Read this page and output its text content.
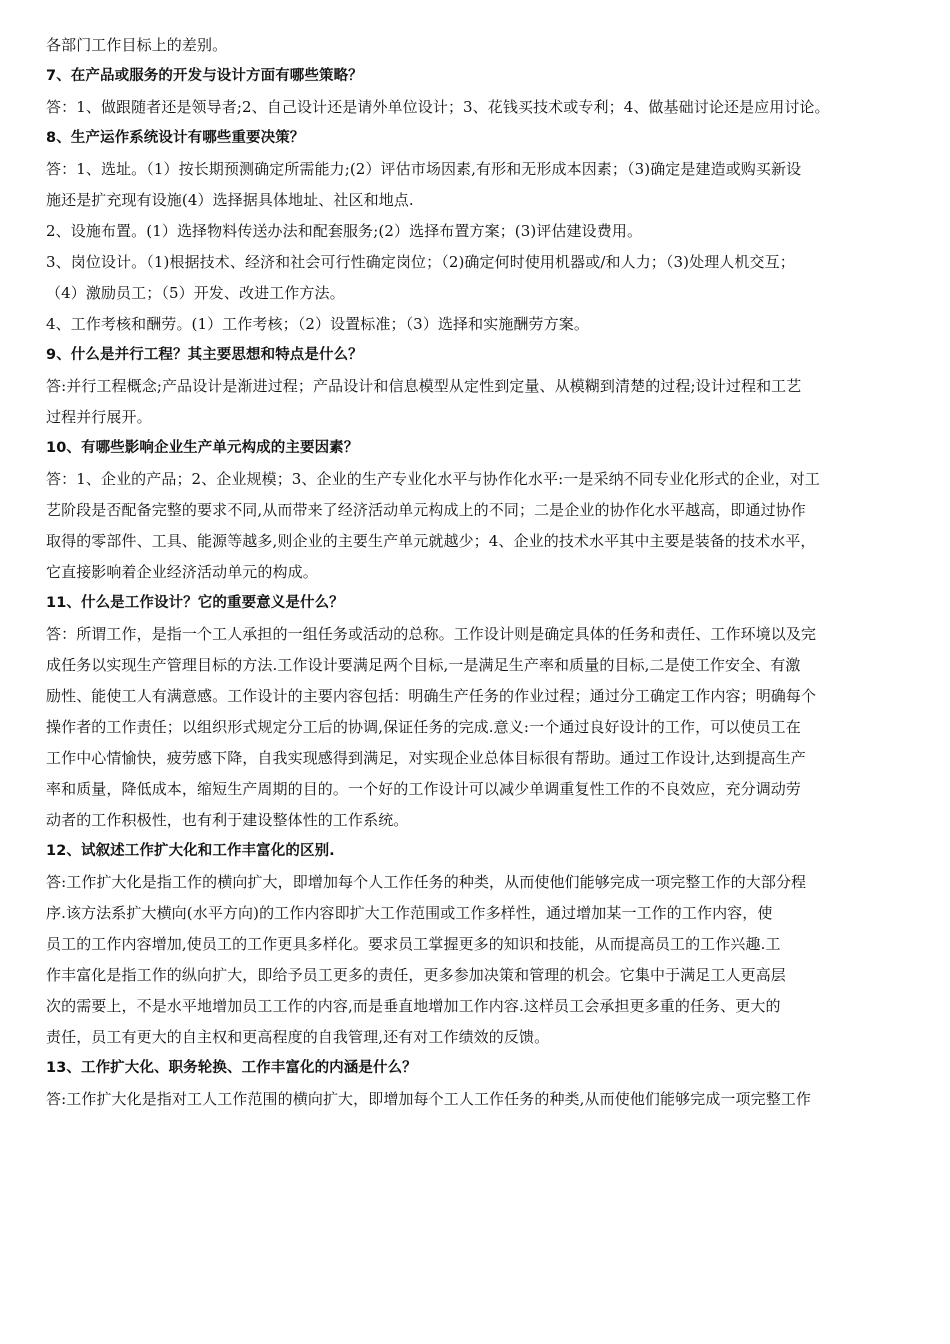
各部门工作目标上的差别。
7、在产品或服务的开发与设计方面有哪些策略？
答：1、做跟随者还是领导者;2、自己设计还是请外单位设计；3、花钱买技术或专利；4、做基础讨论还是应用讨论。
8、生产运作系统设计有哪些重要决策？
答：1、选址。（1）按长期预测确定所需能力;(2）评估市场因素,有形和无形成本因素；（3)确定是建造或购买新设
施还是扩充现有设施(4）选择据具体地址、社区和地点.
2、设施布置。(1）选择物料传送办法和配套服务;(2）选择布置方案；(3)评估建设费用。
3、岗位设计。（1)根据技术、经济和社会可行性确定岗位；（2)确定何时使用机器或/和人力；（3)处理人机交互；
（4）激励员工；（5）开发、改进工作方法。
4、工作考核和酬劳。(1）工作考核；（2）设置标准；（3）选择和实施酬劳方案。
9、什么是并行工程？其主要思想和特点是什么？
答:并行工程概念;产品设计是渐进过程；产品设计和信息模型从定性到定量、从模糊到清楚的过程;设计过程和工艺
过程并行展开。
10、有哪些影响企业生产单元构成的主要因素？
答：1、企业的产品；2、企业规模；3、企业的生产专业化水平与协作化水平:一是采纳不同专业化形式的企业，对工
艺阶段是否配备完整的要求不同,从而带来了经济活动单元构成上的不同；二是企业的协作化水平越高，即通过协作
取得的零部件、工具、能源等越多,则企业的主要生产单元就越少；4、企业的技术水平其中主要是装备的技术水平，
它直接影响着企业经济活动单元的构成。
11、什么是工作设计？它的重要意义是什么？
答：所谓工作，是指一个工人承担的一组任务或活动的总称。工作设计则是确定具体的任务和责任、工作环境以及完
成任务以实现生产管理目标的方法.工作设计要满足两个目标,一是满足生产率和质量的目标,二是使工作安全、有激
励性、能使工人有满意感。工作设计的主要内容包括：明确生产任务的作业过程；通过分工确定工作内容；明确每个
操作者的工作责任；以组织形式规定分工后的协调,保证任务的完成.意义:一个通过良好设计的工作，可以使员工在
工作中心情愉快，疲劳感下降，自我实现感得到满足，对实现企业总体目标很有帮助。通过工作设计,达到提高生产
率和质量，降低成本，缩短生产周期的目的。一个好的工作设计可以减少单调重复性工作的不良效应，充分调动劳
动者的工作积极性，也有利于建设整体性的工作系统。
12、试叙述工作扩大化和工作丰富化的区别.
答:工作扩大化是指工作的横向扩大，即增加每个人工作任务的种类，从而使他们能够完成一项完整工作的大部分程
序.该方法系扩大横向(水平方向)的工作内容即扩大工作范围或工作多样性，通过增加某一工作的工作内容，使
员工的工作内容增加,使员工的工作更具多样化。要求员工掌握更多的知识和技能，从而提高员工的工作兴趣.工
作丰富化是指工作的纵向扩大，即给予员工更多的责任，更多参加决策和管理的机会。它集中于满足工人更高层
次的需要上，不是水平地增加员工工作的内容,而是垂直地增加工作内容.这样员工会承担更多重的任务、更大的
责任，员工有更大的自主权和更高程度的自我管理,还有对工作绩效的反馈。
13、工作扩大化、职务轮换、工作丰富化的内涵是什么？
答:工作扩大化是指对工人工作范围的横向扩大，即增加每个工人工作任务的种类,从而使他们能够完成一项完整工作
